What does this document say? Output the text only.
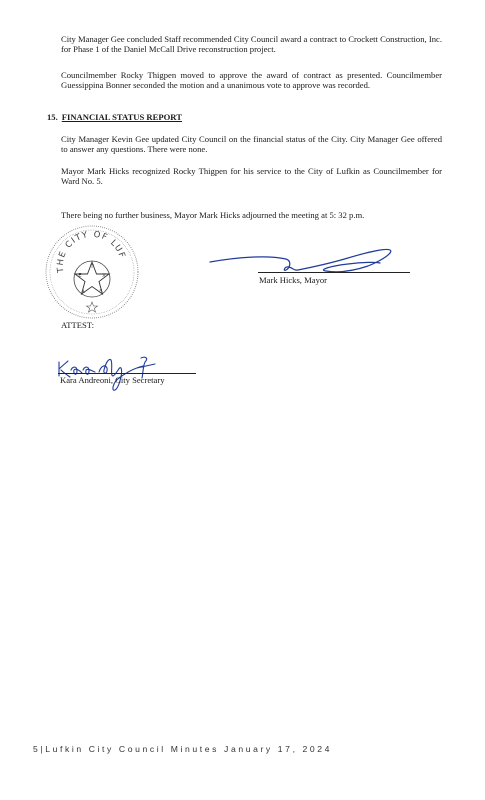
City Manager Gee concluded Staff recommended City Council award a contract to Crockett Construction, Inc. for Phase 1 of the Daniel McCall Drive reconstruction project.
Councilmember Rocky Thigpen moved to approve the award of contract as presented. Councilmember Guessippina Bonner seconded the motion and a unanimous vote to approve was recorded.
15. FINANCIAL STATUS REPORT
City Manager Kevin Gee updated City Council on the financial status of the City. City Manager Gee offered to answer any questions. There were none.
Mayor Mark Hicks recognized Rocky Thigpen for his service to the City of Lufkin as Councilmember for Ward No. 5.
There being no further business, Mayor Mark Hicks adjourned the meeting at 5: 32 p.m.
THE CITY OF LUFKIN
T
E	X
A	S
Mark Hicks, Mayor
ATTEST:
Kara Andreoni, City Secretary
5|Lufkin City Council Minutes January 17, 2024
